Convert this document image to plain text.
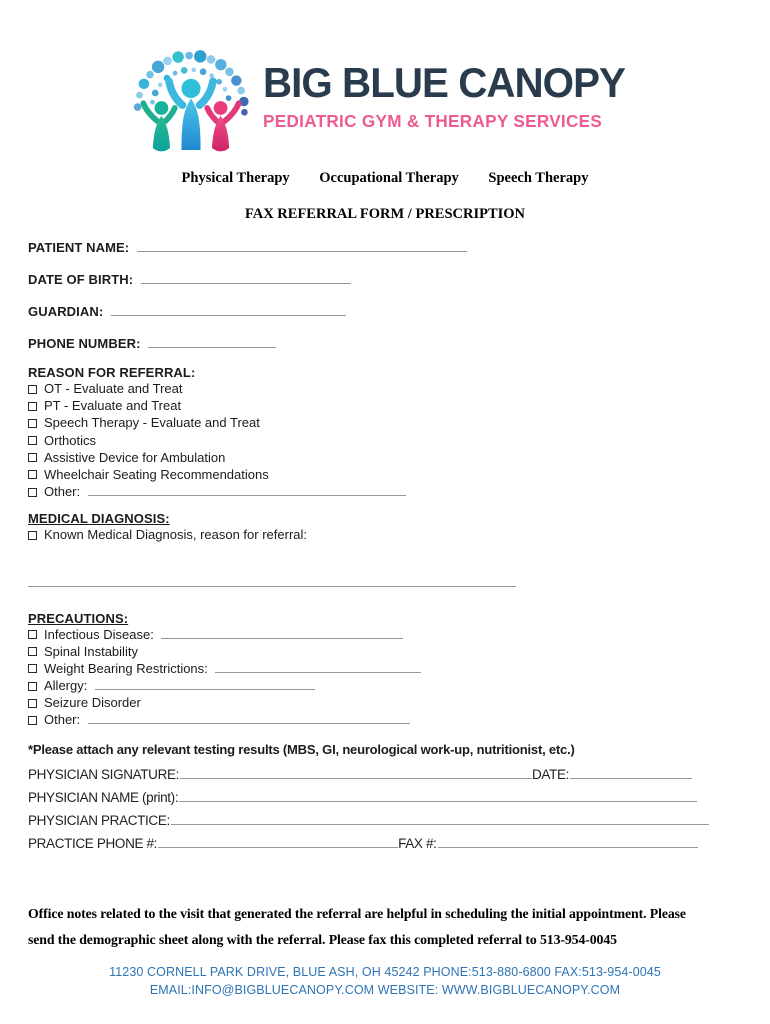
BIG BLUE CANOPY
PEDIATRIC GYM & THERAPY SERVICES
Physical Therapy Occupational Therapy Speech Therapy
FAX REFERRAL FORM / PRESCRIPTION
PATIENT NAME:
DATE OF BIRTH:
GUARDIAN:
PHONE NUMBER:
REASON FOR REFERRAL:
OT - Evaluate and Treat
PT - Evaluate and Treat
Speech Therapy - Evaluate and Treat
Orthotics
Assistive Device for Ambulation
Wheelchair Seating Recommendations
Other:
MEDICAL DIAGNOSIS:
Known Medical Diagnosis, reason for referral:
PRECAUTIONS:
Infectious Disease:
Spinal Instability
Weight Bearing Restrictions:
Allergy:
Seizure Disorder
Other:
*Please attach any relevant testing results (MBS, GI, neurological work-up, nutritionist, etc.)
PHYSICIAN SIGNATURE:	DATE:
PHYSICIAN NAME (print):
PHYSICIAN PRACTICE:
PRACTICE PHONE #:	FAX #:
Office notes related to the visit that generated the referral are helpful in scheduling the initial appointment. Please send the demographic sheet along with the referral. Please fax this completed referral to 513-954-0045
11230 CORNELL PARK DRIVE, BLUE ASH, OH 45242 PHONE:513-880-6800 FAX:513-954-0045
EMAIL:INFO@BIGBLUECANOPY.COM WEBSITE: WWW.BIGBLUECANOPY.COM
